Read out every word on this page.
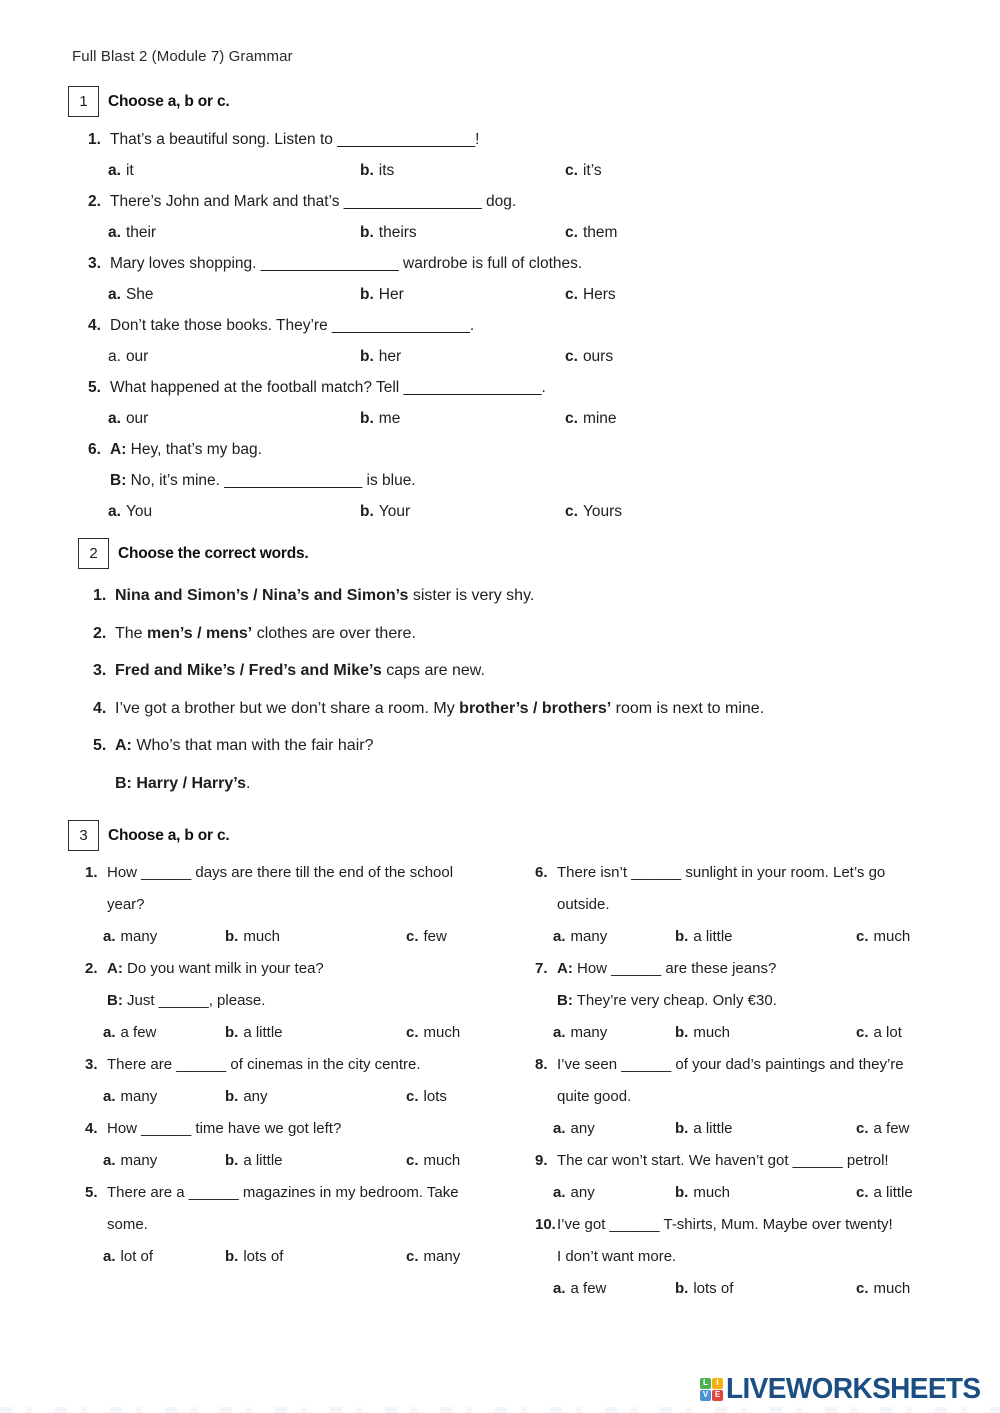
Full Blast 2 (Module 7) Grammar
1 Choose a, b or c.
1. That’s a beautiful song. Listen to ________________!
a. it	b. its	c. it’s
2. There’s John and Mark and that’s ________________ dog.
a. their	b. theirs	c. them
3. Mary loves shopping. ________________ wardrobe is full of clothes.
a. She	b. Her	c. Hers
4. Don’t take those books. They’re ________________.
a. our	b. her	c. ours
5. What happened at the football match? Tell ________________.
a. our	b. me	c. mine
6. A: Hey, that’s my bag.
B: No, it’s mine. ________________ is blue.
a. You	b. Your	c. Yours
2 Choose the correct words.
1. Nina and Simon’s / Nina’s and Simon’s sister is very shy.
2. The men’s / mens’ clothes are over there.
3. Fred and Mike’s / Fred’s and Mike’s caps are new.
4. I’ve got a brother but we don’t share a room. My brother’s / brothers’ room is next to mine.
5. A: Who’s that man with the fair hair?
B: Harry / Harry’s.
3 Choose a, b or c.
1. How ______ days are there till the end of the school
year?
a. many	b. much	c. few
2. A: Do you want milk in your tea?
B: Just ______, please.
a. a few	b. a little	c. much
3. There are ______ of cinemas in the city centre.
a. many	b. any	c. lots
4. How ______ time have we got left?
a. many	b. a little	c. much
5. There are a ______ magazines in my bedroom. Take
some.
a. lot of	b. lots of	c. many
6. There isn’t ______ sunlight in your room. Let’s go
outside.
a. many	b. a little	c. much
7. A: How ______ are these jeans?
B: They’re very cheap. Only €30.
a. many	b. much	c. a lot
8. I’ve seen ______ of your dad’s paintings and they’re
quite good.
a. any	b. a little	c. a few
9. The car won’t start. We haven’t got ______ petrol!
a. any	b. much	c. a little
10. I’ve got ______ T-shirts, Mum. Maybe over twenty!
I don’t want more.
a. a few	b. lots of	c. much
L	I
V E LIVEWORKSHEETS
